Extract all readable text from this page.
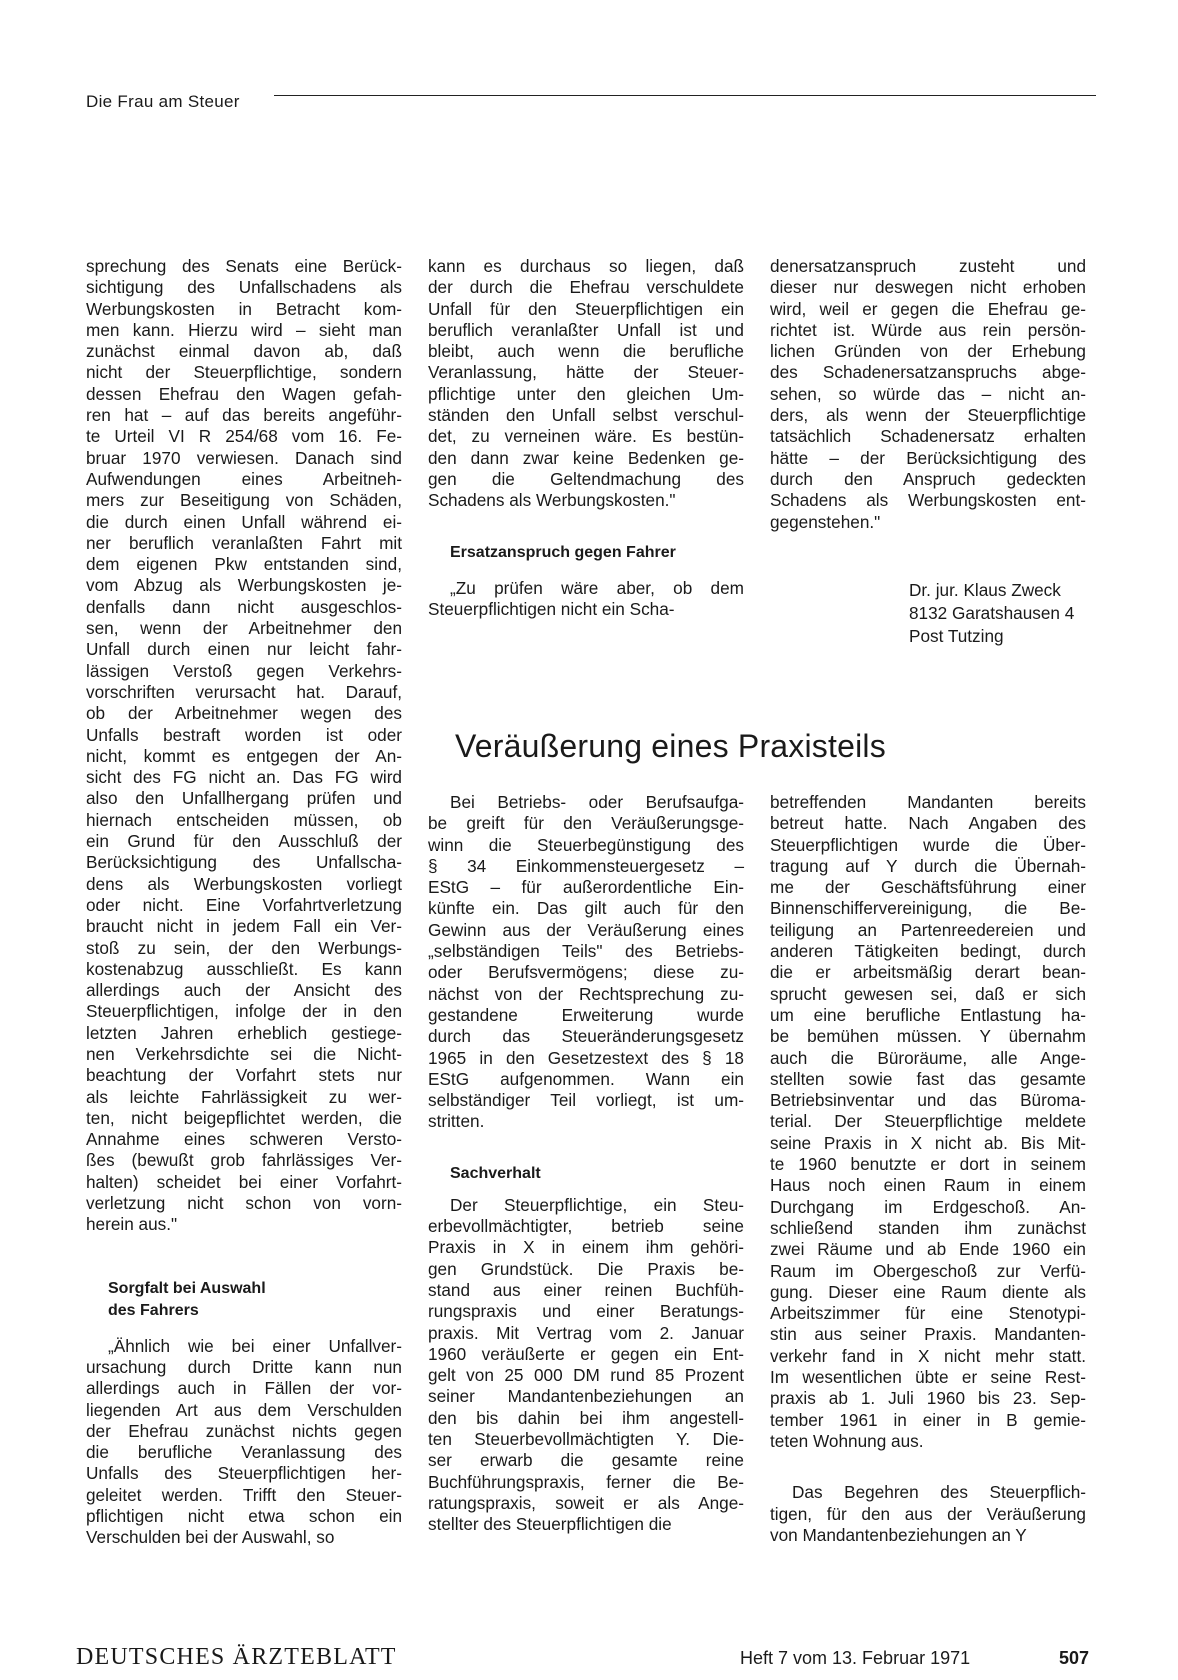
Die Frau am Steuer

sprechung des Senats eine Berück-
sichtigung des Unfallschadens als
Werbungskosten in Betracht kom-
men kann. Hierzu wird – sieht man
zunächst einmal davon ab, daß
nicht der Steuerpflichtige, sondern
dessen Ehefrau den Wagen gefah-
ren hat – auf das bereits angeführ-
te Urteil VI R 254/68 vom 16. Fe-
bruar 1970 verwiesen. Danach sind
Aufwendungen eines Arbeitneh-
mers zur Beseitigung von Schäden,
die durch einen Unfall während ei-
ner beruflich veranlaßten Fahrt mit
dem eigenen Pkw entstanden sind,
vom Abzug als Werbungskosten je-
denfalls dann nicht ausgeschlos-
sen, wenn der Arbeitnehmer den
Unfall durch einen nur leicht fahr-
lässigen Verstoß gegen Verkehrs-
vorschriften verursacht hat. Darauf,
ob der Arbeitnehmer wegen des
Unfalls bestraft worden ist oder
nicht, kommt es entgegen der An-
sicht des FG nicht an. Das FG wird
also den Unfallhergang prüfen und
hiernach entscheiden müssen, ob
ein Grund für den Ausschluß der
Berücksichtigung des Unfallscha-
dens als Werbungskosten vorliegt
oder nicht. Eine Vorfahrtverletzung
braucht nicht in jedem Fall ein Ver-
stoß zu sein, der den Werbungs-
kostenabzug ausschließt. Es kann
allerdings auch der Ansicht des
Steuerpflichtigen, infolge der in den
letzten Jahren erheblich gestiege-
nen Verkehrsdichte sei die Nicht-
beachtung der Vorfahrt stets nur
als leichte Fahrlässigkeit zu wer-
ten, nicht beigepflichtet werden, die
Annahme eines schweren Versto-
ßes (bewußt grob fahrlässiges Ver-
halten) scheidet bei einer Vorfahrt-
verletzung nicht schon von vorn-
herein aus."

Sorgfalt bei Auswahl
des Fahrers

„Ähnlich wie bei einer Unfallver-
ursachung durch Dritte kann nun
allerdings auch in Fällen der vor-
liegenden Art aus dem Verschulden
der Ehefrau zunächst nichts gegen
die berufliche Veranlassung des
Unfalls des Steuerpflichtigen her-
geleitet werden. Trifft den Steuer-
pflichtigen nicht etwa schon ein
Verschulden bei der Auswahl, so

kann es durchaus so liegen, daß
der durch die Ehefrau verschuldete
Unfall für den Steuerpflichtigen ein
beruflich veranlaßter Unfall ist und
bleibt, auch wenn die berufliche
Veranlassung, hätte der Steuer-
pflichtige unter den gleichen Um-
ständen den Unfall selbst verschul-
det, zu verneinen wäre. Es bestün-
den dann zwar keine Bedenken ge-
gen die Geltendmachung des
Schadens als Werbungskosten."

Ersatzanspruch gegen Fahrer

„Zu prüfen wäre aber, ob dem
Steuerpflichtigen nicht ein Scha-

denersatzanspruch zusteht und
dieser nur deswegen nicht erhoben
wird, weil er gegen die Ehefrau ge-
richtet ist. Würde aus rein persön-
lichen Gründen von der Erhebung
des Schadenersatzanspruchs abge-
sehen, so würde das – nicht an-
ders, als wenn der Steuerpflichtige
tatsächlich Schadenersatz erhalten
hätte – der Berücksichtigung des
durch den Anspruch gedeckten
Schadens als Werbungskosten ent-
gegenstehen."

Dr. jur. Klaus Zweck
8132 Garatshausen 4
Post Tutzing
Veräußerung eines Praxisteils

Bei Betriebs- oder Berufsaufga-
be greift für den Veräußerungsge-
winn die Steuerbegünstigung des
§ 34 Einkommensteuergesetz –
EStG – für außerordentliche Ein-
künfte ein. Das gilt auch für den
Gewinn aus der Veräußerung eines
„selbständigen Teils" des Betriebs-
oder Berufsvermögens; diese zu-
nächst von der Rechtsprechung zu-
gestandene Erweiterung wurde
durch das Steueränderungsgesetz
1965 in den Gesetzestext des § 18
EStG aufgenommen. Wann ein
selbständiger Teil vorliegt, ist um-
stritten.

Sachverhalt

Der Steuerpflichtige, ein Steu-
erbevollmächtigter, betrieb seine
Praxis in X in einem ihm gehöri-
gen Grundstück. Die Praxis be-
stand aus einer reinen Buchfüh-
rungspraxis und einer Beratungs-
praxis. Mit Vertrag vom 2. Januar
1960 veräußerte er gegen ein Ent-
gelt von 25 000 DM rund 85 Prozent
seiner Mandantenbeziehungen an
den bis dahin bei ihm angestell-
ten Steuerbevollmächtigten Y. Die-
ser erwarb die gesamte reine
Buchführungspraxis, ferner die Be-
ratungspraxis, soweit er als Ange-
stellter des Steuerpflichtigen die

betreffenden Mandanten bereits
betreut hatte. Nach Angaben des
Steuerpflichtigen wurde die Über-
tragung auf Y durch die Übernah-
me der Geschäftsführung einer
Binnenschiffervereinigung, die Be-
teiligung an Partenreedereien und
anderen Tätigkeiten bedingt, durch
die er arbeitsmäßig derart bean-
sprucht gewesen sei, daß er sich
um eine berufliche Entlastung ha-
be bemühen müssen. Y übernahm
auch die Büroräume, alle Ange-
stellten sowie fast das gesamte
Betriebsinventar und das Büroma-
terial. Der Steuerpflichtige meldete
seine Praxis in X nicht ab. Bis Mit-
te 1960 benutzte er dort in seinem
Haus noch einen Raum in einem
Durchgang im Erdgeschoß. An-
schließend standen ihm zunächst
zwei Räume und ab Ende 1960 ein
Raum im Obergeschoß zur Verfü-
gung. Dieser eine Raum diente als
Arbeitszimmer für eine Stenotypi-
stin aus seiner Praxis. Mandanten-
verkehr fand in X nicht mehr statt.
Im wesentlichen übte er seine Rest-
praxis ab 1. Juli 1960 bis 23. Sep-
tember 1961 in einer in B gemie-
teten Wohnung aus.

Das Begehren des Steuerpflich-
tigen, für den aus der Veräußerung
von Mandantenbeziehungen an Y

DEUTSCHES ÄRZTEBLATT	Heft 7 vom 13. Februar 1971	507
